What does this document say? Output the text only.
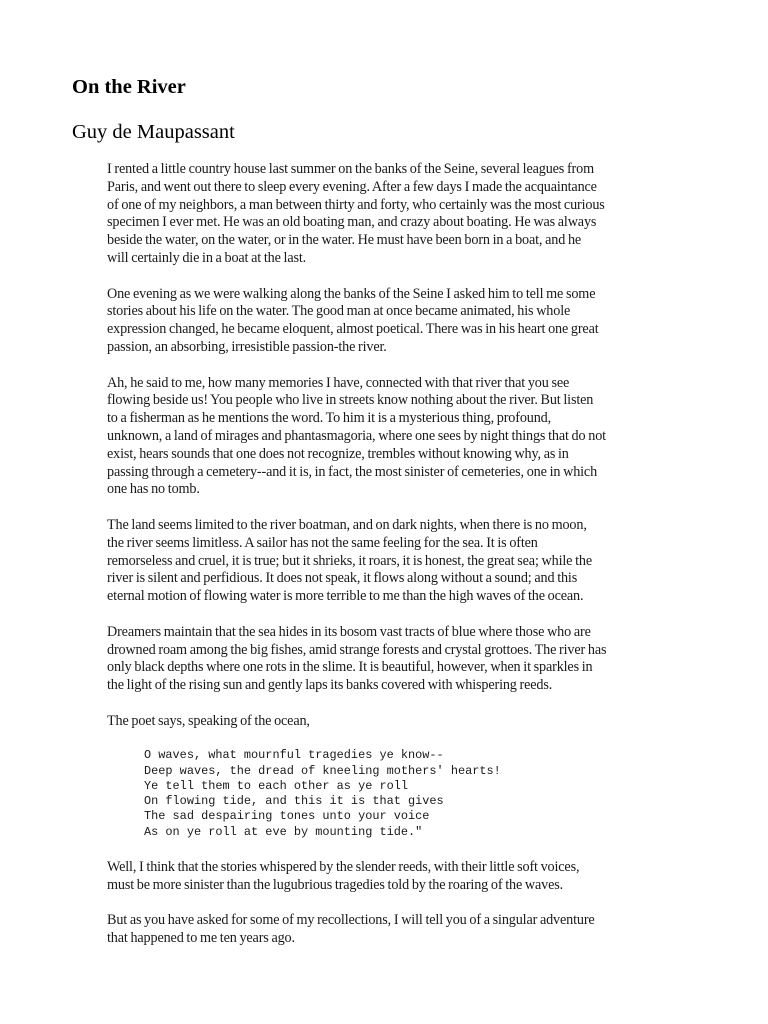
On the River
Guy de Maupassant

I rented a little country house last summer on the banks of the Seine, several leagues from
Paris, and went out there to sleep every evening. After a few days I made the acquaintance
of one of my neighbors, a man between thirty and forty, who certainly was the most curious
specimen I ever met. He was an old boating man, and crazy about boating. He was always
beside the water, on the water, or in the water. He must have been born in a boat, and he
will certainly die in a boat at the last.

One evening as we were walking along the banks of the Seine I asked him to tell me some
stories about his life on the water. The good man at once became animated, his whole
expression changed, he became eloquent, almost poetical. There was in his heart one great
passion, an absorbing, irresistible passion-the river.

Ah, he said to me, how many memories I have, connected with that river that you see
flowing beside us! You people who live in streets know nothing about the river. But listen
to a fisherman as he mentions the word. To him it is a mysterious thing, profound,
unknown, a land of mirages and phantasmagoria, where one sees by night things that do not
exist, hears sounds that one does not recognize, trembles without knowing why, as in
passing through a cemetery--and it is, in fact, the most sinister of cemeteries, one in which
one has no tomb.

The land seems limited to the river boatman, and on dark nights, when there is no moon,
the river seems limitless. A sailor has not the same feeling for the sea. It is often
remorseless and cruel, it is true; but it shrieks, it roars, it is honest, the great sea; while the
river is silent and perfidious. It does not speak, it flows along without a sound; and this
eternal motion of flowing water is more terrible to me than the high waves of the ocean.

Dreamers maintain that the sea hides in its bosom vast tracts of blue where those who are
drowned roam among the big fishes, amid strange forests and crystal grottoes. The river has
only black depths where one rots in the slime. It is beautiful, however, when it sparkles in
the light of the rising sun and gently laps its banks covered with whispering reeds.

The poet says, speaking of the ocean,

O waves, what mournful tragedies ye know--
Deep waves, the dread of kneeling mothers' hearts!
Ye tell them to each other as ye roll
On flowing tide, and this it is that gives
The sad despairing tones unto your voice
As on ye roll at eve by mounting tide."

Well, I think that the stories whispered by the slender reeds, with their little soft voices,
must be more sinister than the lugubrious tragedies told by the roaring of the waves.

But as you have asked for some of my recollections, I will tell you of a singular adventure
that happened to me ten years ago.
